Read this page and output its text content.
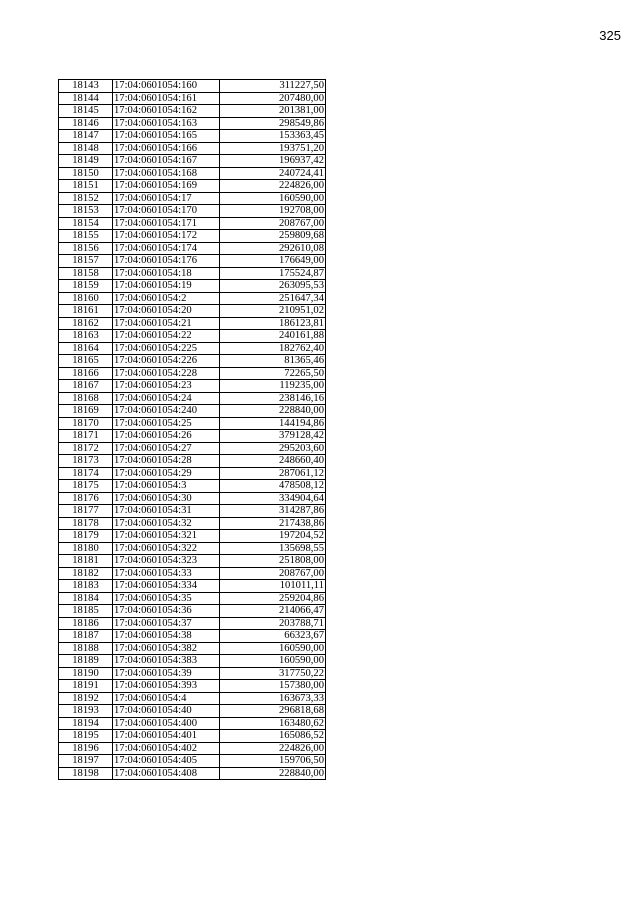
325
18143	17:04:0601054:160	311227,50
18144	17:04:0601054:161	207480,00
18145	17:04:0601054:162	201381,00
18146	17:04:0601054:163	298549,86
18147	17:04:0601054:165	153363,45
18148	17:04:0601054:166	193751,20
18149	17:04:0601054:167	196937,42
18150	17:04:0601054:168	240724,41
18151	17:04:0601054:169	224826,00
18152	17:04:0601054:17	160590,00
18153	17:04:0601054:170	192708,00
18154	17:04:0601054:171	208767,00
18155	17:04:0601054:172	259809,68
18156	17:04:0601054:174	292610,08
18157	17:04:0601054:176	176649,00
18158	17:04:0601054:18	175524,87
18159	17:04:0601054:19	263095,53
18160	17:04:0601054:2	251647,34
18161	17:04:0601054:20	210951,02
18162	17:04:0601054:21	186123,81
18163	17:04:0601054:22	240161,88
18164	17:04:0601054:225	182762,40
18165	17:04:0601054:226	81365,46
18166	17:04:0601054:228	72265,50
18167	17:04:0601054:23	119235,00
18168	17:04:0601054:24	238146,16
18169	17:04:0601054:240	228840,00
18170	17:04:0601054:25	144194,86
18171	17:04:0601054:26	379128,42
18172	17:04:0601054:27	295203,60
18173	17:04:0601054:28	248660,40
18174	17:04:0601054:29	287061,12
18175	17:04:0601054:3	478508,12
18176	17:04:0601054:30	334904,64
18177	17:04:0601054:31	314287,86
18178	17:04:0601054:32	217438,86
18179	17:04:0601054:321	197204,52
18180	17:04:0601054:322	135698,55
18181	17:04:0601054:323	251808,00
18182	17:04:0601054:33	208767,00
18183	17:04:0601054:334	101011,11
18184	17:04:0601054:35	259204,86
18185	17:04:0601054:36	214066,47
18186	17:04:0601054:37	203788,71
18187	17:04:0601054:38	66323,67
18188	17:04:0601054:382	160590,00
18189	17:04:0601054:383	160590,00
18190	17:04:0601054:39	317750,22
18191	17:04:0601054:393	157380,00
18192	17:04:0601054:4	163673,33
18193	17:04:0601054:40	296818,68
18194	17:04:0601054:400	163480,62
18195	17:04:0601054:401	165086,52
18196	17:04:0601054:402	224826,00
18197	17:04:0601054:405	159706,50
18198	17:04:0601054:408	228840,00
